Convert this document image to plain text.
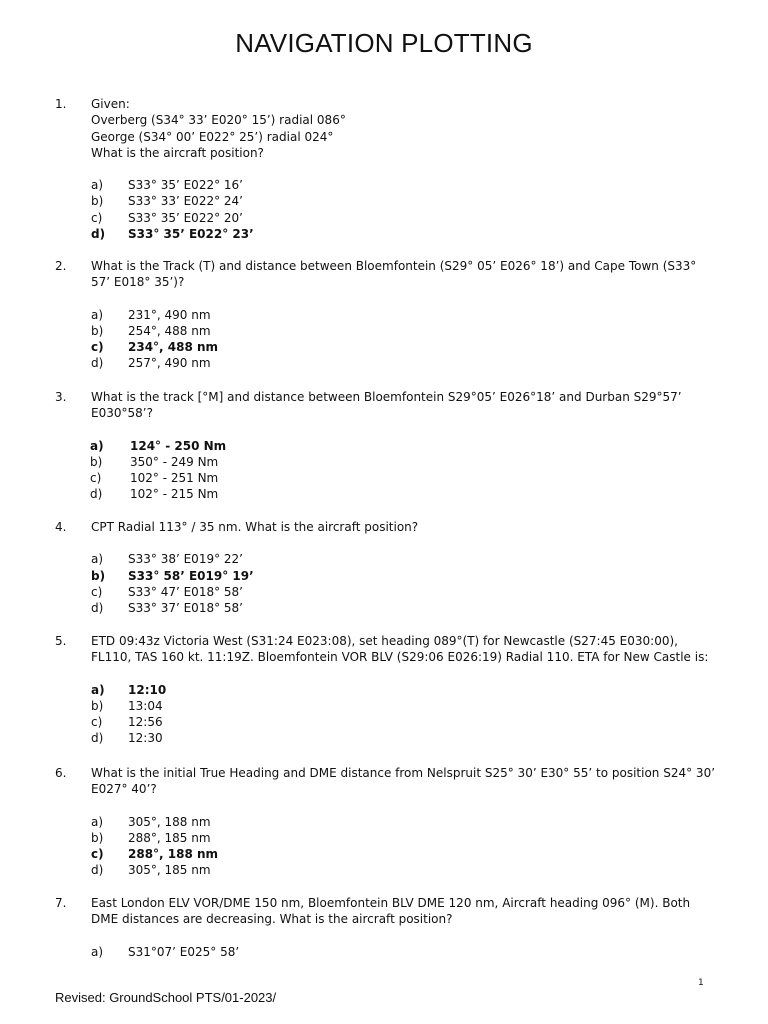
NAVIGATION PLOTTING
1. Given:
Overberg (S34° 33’ E020° 15’) radial 086°
George (S34° 00’ E022° 25’) radial 024°
What is the aircraft position?
a) S33° 35’ E022° 16’
b) S33° 33’ E022° 24’
c) S33° 35’ E022° 20’
d) S33° 35’ E022° 23’
2. What is the Track (T) and distance between Bloemfontein (S29° 05’ E026° 18’) and Cape Town (S33° 57’ E018° 35’)?
a) 231°, 490 nm
b) 254°, 488 nm
c) 234°, 488 nm
d) 257°, 490 nm
3. What is the track [°M] and distance between Bloemfontein S29°05’ E026°18’ and Durban S29°57’ E030°58’?
a) 124° - 250 Nm
b) 350° - 249 Nm
c) 102° - 251 Nm
d) 102° - 215 Nm
4. CPT Radial 113° / 35 nm. What is the aircraft position?
a) S33° 38’ E019° 22’
b) S33° 58’ E019° 19’
c) S33° 47’ E018° 58’
d) S33° 37’ E018° 58’
5. ETD 09:43z Victoria West (S31:24 E023:08), set heading 089°(T) for Newcastle (S27:45 E030:00), FL110, TAS 160 kt. 11:19Z. Bloemfontein VOR BLV (S29:06 E026:19) Radial 110. ETA for New Castle is:
a) 12:10
b) 13:04
c) 12:56
d) 12:30
6. What is the initial True Heading and DME distance from Nelspruit S25° 30’ E30° 55’ to position S24° 30’ E027° 40’?
a) 305°, 188 nm
b) 288°, 185 nm
c) 288°, 188 nm
d) 305°, 185 nm
7. East London ELV VOR/DME 150 nm, Bloemfontein BLV DME 120 nm, Aircraft heading 096° (M). Both DME distances are decreasing. What is the aircraft position?
a) S31°07’ E025° 58’
1
Revised: GroundSchool PTS/01-2023/
